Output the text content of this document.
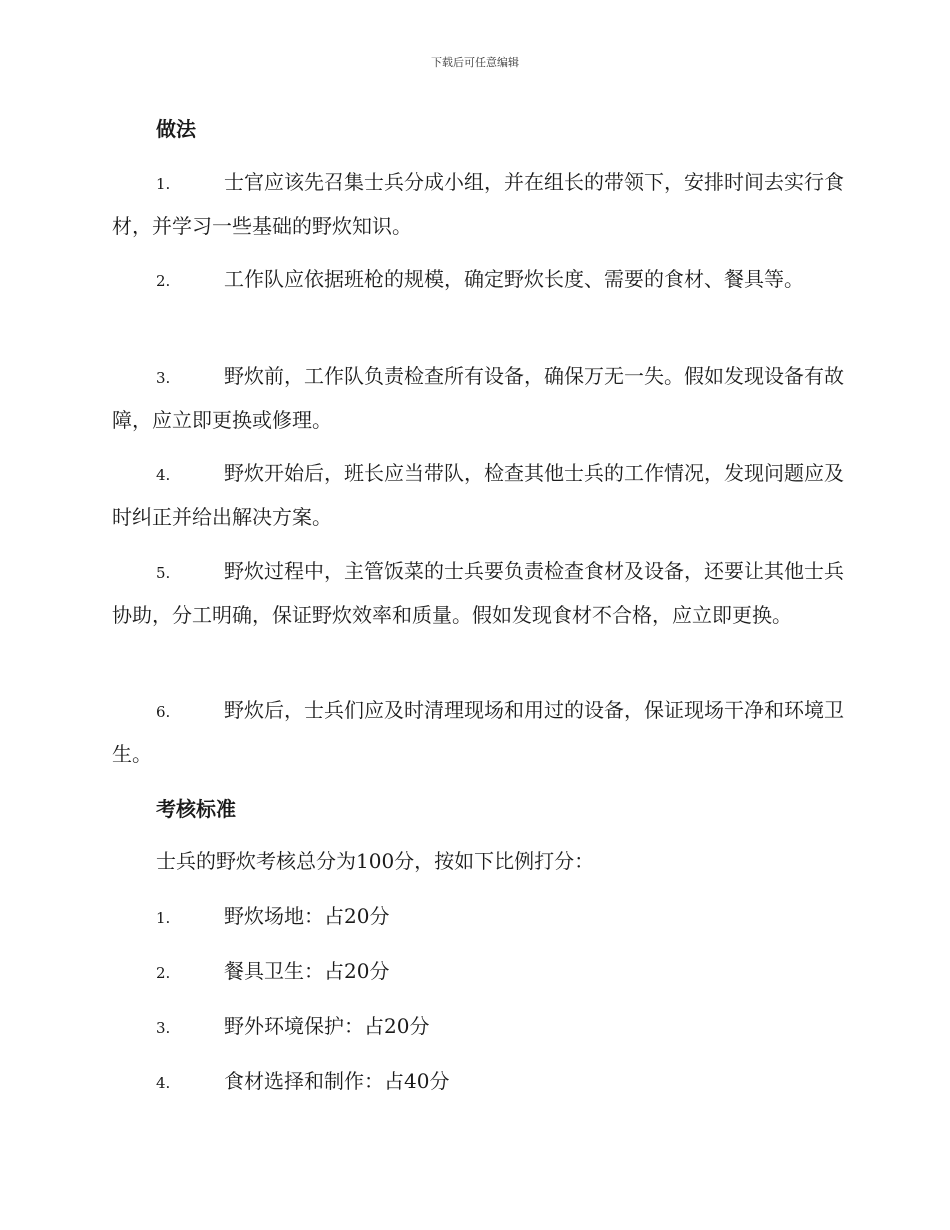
下载后可任意编辑
做法

1.	士官应该先召集士兵分成小组，并在组长的带领下，安排时间去实行食材，并学习一些基础的野炊知识。

2.	工作队应依据班枪的规模，确定野炊长度、需要的食材、餐具等。

3.	野炊前，工作队负责检查所有设备，确保万无一失。假如发现设备有故障，应立即更换或修理。

4.	野炊开始后，班长应当带队，检查其他士兵的工作情况，发现问题应及时纠正并给出解决方案。

5.	野炊过程中，主管饭菜的士兵要负责检查食材及设备，还要让其他士兵协助，分工明确，保证野炊效率和质量。假如发现食材不合格，应立即更换。

6.	野炊后，士兵们应及时清理现场和用过的设备，保证现场干净和环境卫生。

考核标准

士兵的野炊考核总分为100分，按如下比例打分：

1.	野炊场地：占20分

2.	餐具卫生：占20分

3.	野外环境保护：占20分

4.	食材选择和制作：占40分
